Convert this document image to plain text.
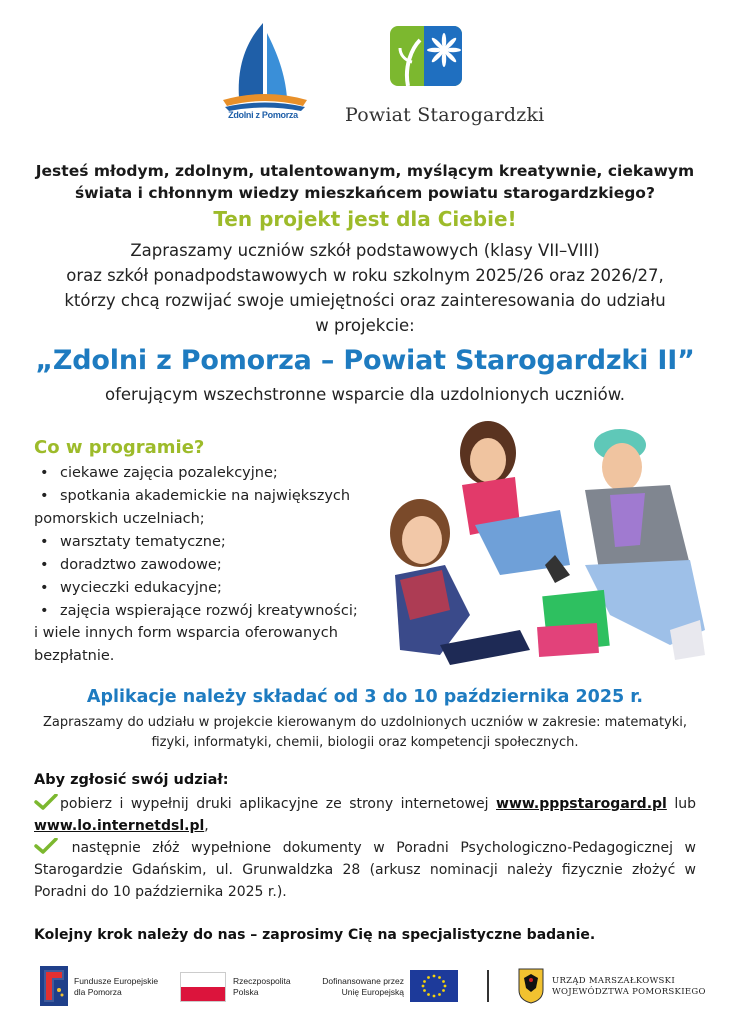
Zdolni z Pomorza	Powiat Starogardzki
Jesteś młodym, zdolnym, utalentowanym, myślącym kreatywnie, ciekawym świata i chłonnym wiedzy mieszkańcem powiatu starogardzkiego?
Ten projekt jest dla Ciebie!
Zapraszamy uczniów szkół podstawowych (klasy VII–VIII)
oraz szkół ponadpodstawowych w roku szkolnym 2025/26 oraz 2026/27,
którzy chcą rozwijać swoje umiejętności oraz zainteresowania do udziału
w projekcie:
„Zdolni z Pomorza – Powiat Starogardzki II”
oferującym wszechstronne wsparcie dla uzdolnionych uczniów.
Co w programie?
• ciekawe zajęcia pozalekcyjne;
• spotkania akademickie na największych pomorskich uczelniach;
• warsztaty tematyczne;
• doradztwo zawodowe;
• wycieczki edukacyjne;
• zajęcia wspierające rozwój kreatywności;
i wiele innych form wsparcia oferowanych bezpłatnie.
Aplikacje należy składać od 3 do 10 października 2025 r.
Zapraszamy do udziału w projekcie kierowanym do uzdolnionych uczniów w zakresie: matematyki, fizyki, informatyki, chemii, biologii oraz kompetencji społecznych.
Aby zgłosić swój udział:
pobierz i wypełnij druki aplikacyjne ze strony internetowej www.pppstarogard.pl lub www.lo.internetdsl.pl,
następnie złóż wypełnione dokumenty w Poradni Psychologiczno-Pedagogicznej w Starogardzie Gdańskim, ul. Grunwaldzka 28 (arkusz nominacji należy fizycznie złożyć w Poradni do 10 października 2025 r.).
Kolejny krok należy do nas – zaprosimy Cię na specjalistyczne badanie.
Fundusze Europejskie
dla Pomorza
Rzeczpospolita
Polska
Dofinansowane przez
Unię Europejską
URZĄD MARSZAŁKOWSKI
WOJEWÓDZTWA POMORSKIEGO
